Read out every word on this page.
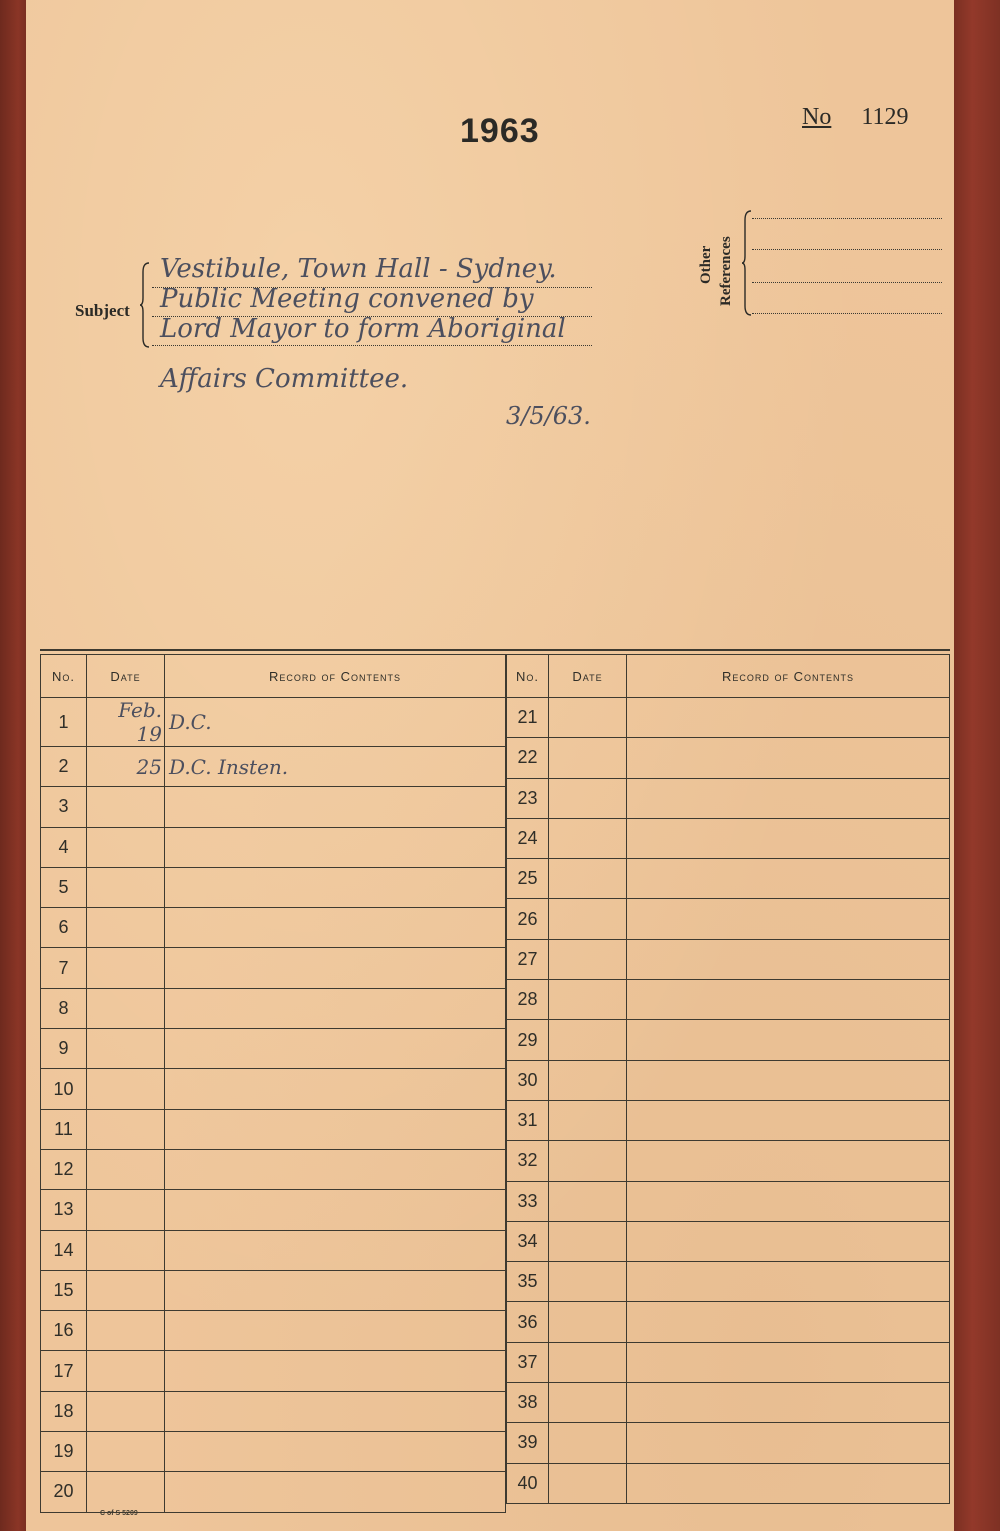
1963	No 1129
Subject
Vestibule, Town Hall - Sydney.
Public Meeting convened by
Lord Mayor to form Aboriginal
Affairs Committee.
3/5/63.
Other References
No.	Date	Record of Contents
1	Feb. 19	D.C.
2	25	D.C. Insten.
3		
4		
5		
6		
7		
8		
9		
10		
11		
12		
13		
14		
15		
16		
17		
18		
19		
20		
No.	Date	Record of Contents
21		
22		
23		
24		
25		
26		
27		
28		
29		
30		
31		
32		
33		
34		
35		
36		
37		
38		
39		
40		
C of S 5209
